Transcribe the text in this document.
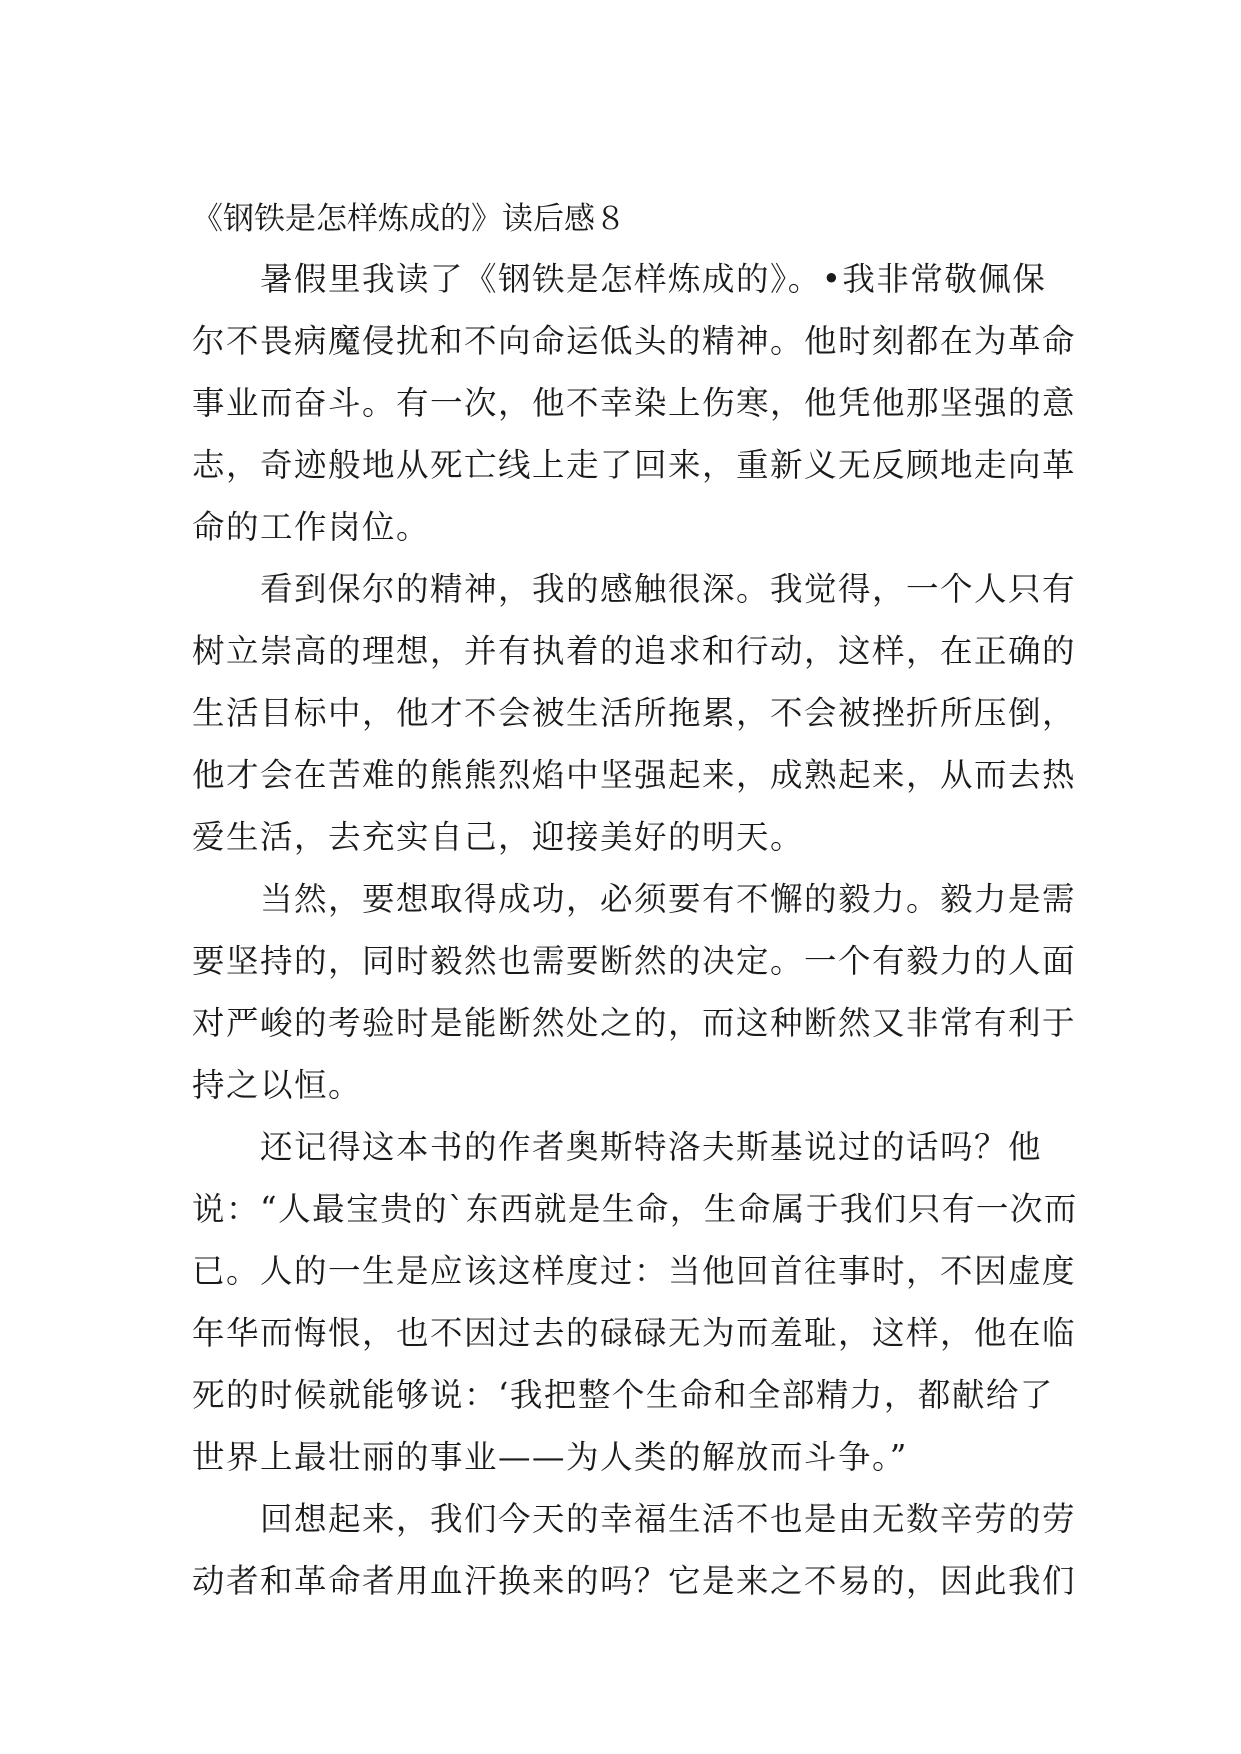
《钢铁是怎样炼成的》读后感８
暑假里我读了《钢铁是怎样炼成的》。•我非常敬佩保
尔不畏病魔侵扰和不向命运低头的精神。他时刻都在为革命
事业而奋斗。有一次，他不幸染上伤寒，他凭他那坚强的意
志，奇迹般地从死亡线上走了回来，重新义无反顾地走向革
命的工作岗位。
看到保尔的精神，我的感触很深。我觉得，一个人只有
树立崇高的理想，并有执着的追求和行动，这样，在正确的
生活目标中，他才不会被生活所拖累，不会被挫折所压倒，
他才会在苦难的熊熊烈焰中坚强起来，成熟起来，从而去热
爱生活，去充实自己，迎接美好的明天。
当然，要想取得成功，必须要有不懈的毅力。毅力是需
要坚持的，同时毅然也需要断然的决定。一个有毅力的人面
对严峻的考验时是能断然处之的，而这种断然又非常有利于
持之以恒。
还记得这本书的作者奥斯特洛夫斯基说过的话吗？他
说：“人最宝贵的`东西就是生命，生命属于我们只有一次而
已。人的一生是应该这样度过：当他回首往事时，不因虚度
年华而悔恨，也不因过去的碌碌无为而羞耻，这样，他在临
死的时候就能够说：‘我把整个生命和全部精力，都献给了
世界上最壮丽的事业——为人类的解放而斗争。”
回想起来，我们今天的幸福生活不也是由无数辛劳的劳
动者和革命者用血汗换来的吗？它是来之不易的，因此我们
